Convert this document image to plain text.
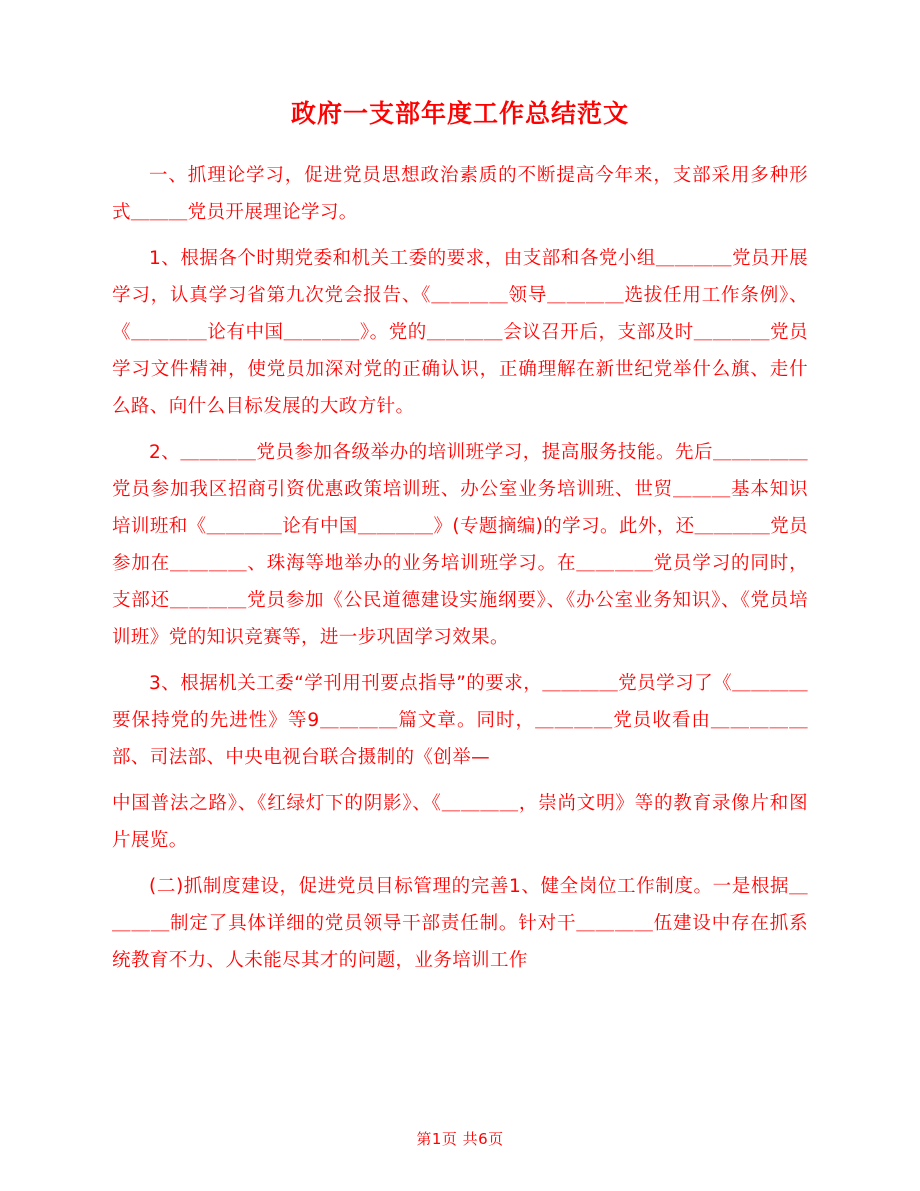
政府一支部年度工作总结范文

一、抓理论学习，促进党员思想政治素质的不断提高今年来，支部采用多种形式＿＿＿党员开展理论学习。

1、根据各个时期党委和机关工委的要求，由支部和各党小组＿＿＿＿党员开展学习，认真学习省第九次党会报告、《＿＿＿＿领导＿＿＿＿选拔任用工作条例》、《＿＿＿＿论有中国＿＿＿＿》。党的＿＿＿＿会议召开后，支部及时＿＿＿＿党员学习文件精神，使党员加深对党的正确认识，正确理解在新世纪党举什么旗、走什么路、向什么目标发展的大政方针。

2、＿＿＿＿党员参加各级举办的培训班学习，提高服务技能。先后＿＿＿＿＿党员参加我区招商引资优惠政策培训班、办公室业务培训班、世贸＿＿＿基本知识培训班和《＿＿＿＿论有中国＿＿＿＿》(专题摘编)的学习。此外，还＿＿＿＿党员参加在＿＿＿＿、珠海等地举办的业务培训班学习。在＿＿＿＿党员学习的同时，支部还＿＿＿＿党员参加《公民道德建设实施纲要》、《办公室业务知识》、《党员培训班》党的知识竞赛等，进一步巩固学习效果。

3、根据机关工委“学刊用刊要点指导”的要求，＿＿＿＿党员学习了《＿＿＿＿要保持党的先进性》等9＿＿＿＿篇文章。同时，＿＿＿＿党员收看由＿＿＿＿＿部、司法部、中央电视台联合摄制的《创举—

中国普法之路》、《红绿灯下的阴影》、《＿＿＿＿，崇尚文明》等的教育录像片和图片展览。

(二)抓制度建设，促进党员目标管理的完善1、健全岗位工作制度。一是根据＿＿＿＿制定了具体详细的党员领导干部责任制。针对干＿＿＿＿伍建设中存在抓系统教育不力、人未能尽其才的问题，业务培训工作

第1页 共6页
